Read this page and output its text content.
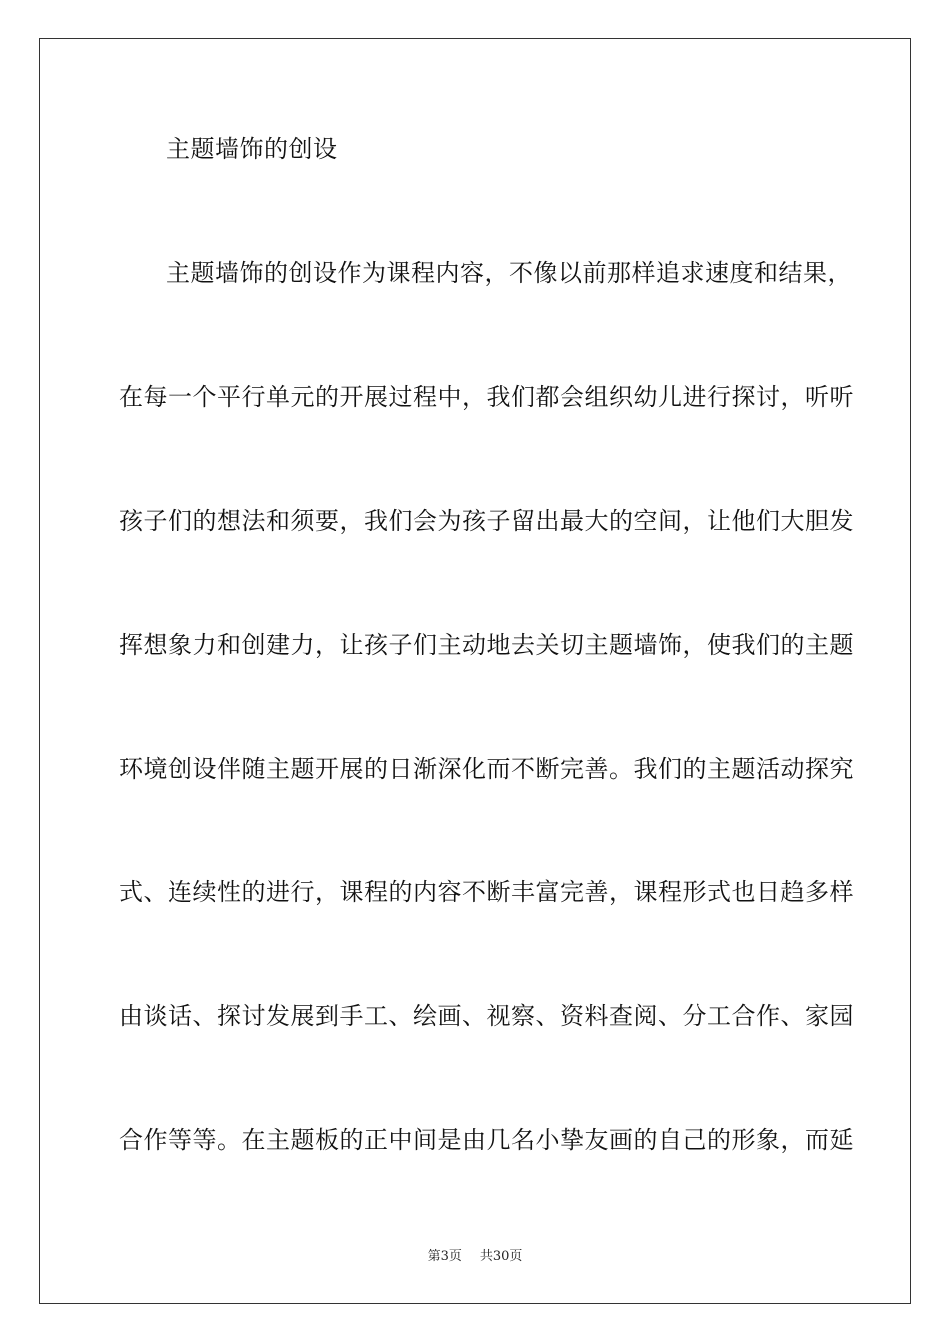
主题墙饰的创设
主题墙饰的创设作为课程内容，不像以前那样追求速度和结果，
在每一个平行单元的开展过程中，我们都会组织幼儿进行探讨，听听
孩子们的想法和须要，我们会为孩子留出最大的空间，让他们大胆发
挥想象力和创建力，让孩子们主动地去关切主题墙饰，使我们的主题
环境创设伴随主题开展的日渐深化而不断完善。我们的主题活动探究
式、连续性的进行，课程的内容不断丰富完善，课程形式也日趋多样
由谈话、探讨发展到手工、绘画、视察、资料查阅、分工合作、家园
合作等等。在主题板的正中间是由几名小挚友画的自己的形象，而延
第3页 共30页
